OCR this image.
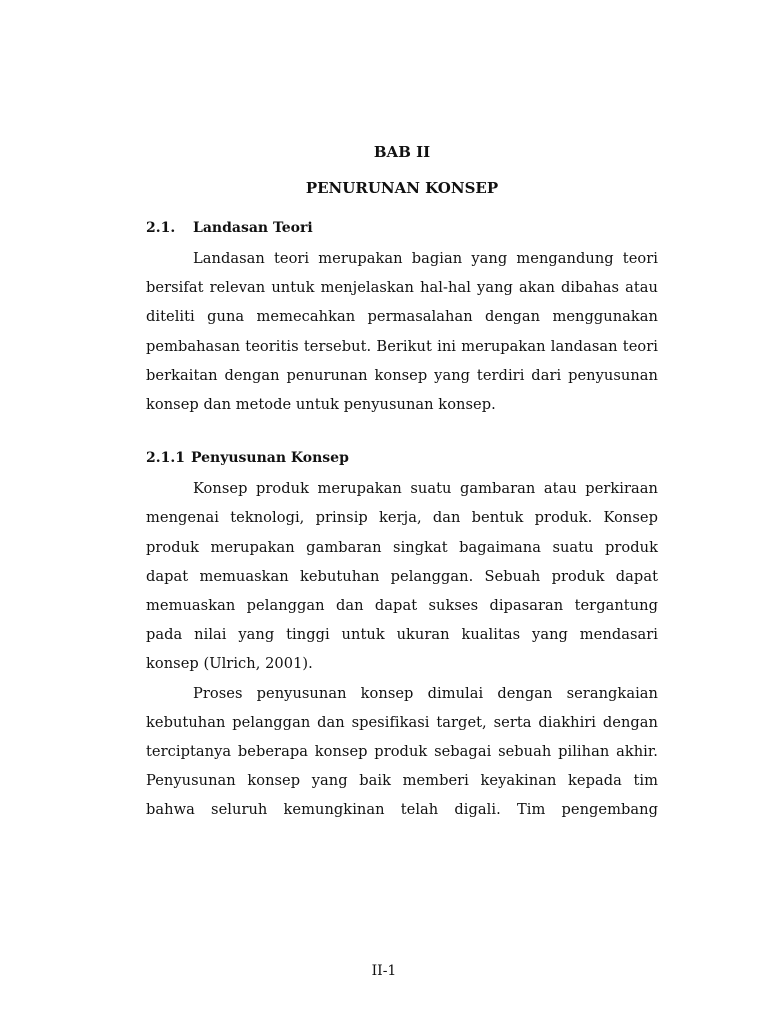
BAB II

PENURUNAN KONSEP

2.1.	Landasan Teori

Landasan teori merupakan bagian yang mengandung teori bersifat relevan untuk menjelaskan hal-hal yang akan dibahas atau diteliti guna memecahkan permasalahan dengan menggunakan pembahasan teoritis tersebut. Berikut ini merupakan landasan teori berkaitan dengan penurunan konsep yang terdiri dari penyusunan konsep dan metode untuk penyusunan konsep.

2.1.1 Penyusunan Konsep

Konsep produk merupakan suatu gambaran atau perkiraan mengenai teknologi, prinsip kerja, dan bentuk produk. Konsep produk merupakan gambaran singkat bagaimana suatu produk dapat memuaskan kebutuhan pelanggan. Sebuah produk dapat memuaskan pelanggan dan dapat sukses dipasaran tergantung pada nilai yang tinggi untuk ukuran kualitas yang mendasari konsep (Ulrich, 2001).

Proses penyusunan konsep dimulai dengan serangkaian kebutuhan pelanggan dan spesifikasi target, serta diakhiri dengan terciptanya beberapa konsep produk sebagai sebuah pilihan akhir. Penyusunan konsep yang baik memberi keyakinan kepada tim bahwa seluruh kemungkinan telah digali. Tim pengembang

II-1
